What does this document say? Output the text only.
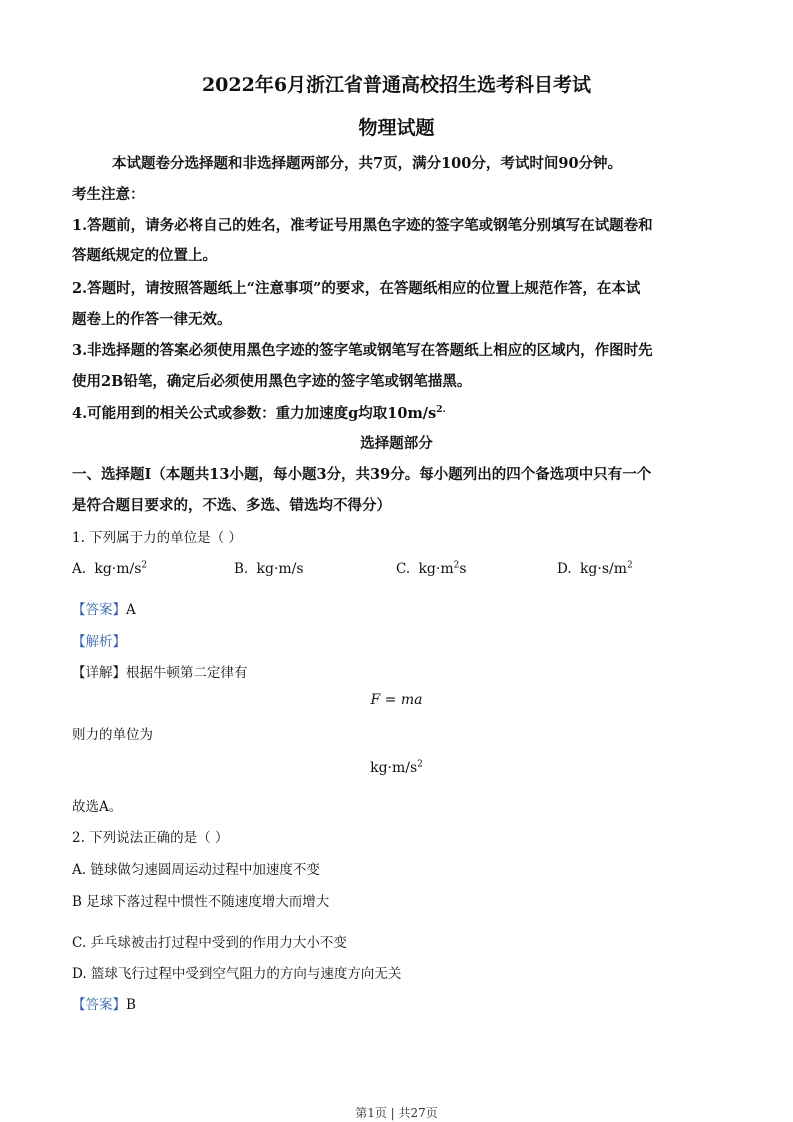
2022年6月浙江省普通高校招生选考科目考试
物理试题
本试题卷分选择题和非选择题两部分，共7页，满分100分，考试时间90分钟。
考生注意：
1.答题前，请务必将自己的姓名，准考证号用黑色字迹的签字笔或钢笔分别填写在试题卷和
答题纸规定的位置上。
2.答题时，请按照答题纸上“注意事项”的要求，在答题纸相应的位置上规范作答，在本试
题卷上的作答一律无效。
3.非选择题的答案必须使用黑色字迹的签字笔或钢笔写在答题纸上相应的区域内，作图时先
使用2B铅笔，确定后必须使用黑色字迹的签字笔或钢笔描黑。
4.可能用到的相关公式或参数：重力加速度g均取$10m/s^{2.}$
选择题部分
一、选择题Ⅰ（本题共13小题，每小题3分，共39分。每小题列出的四个备选项中只有一个
是符合题目要求的，不选、多选、错选均不得分）
1. 下列属于力的单位是（ ）
A. $kg\cdot m/s^2$	B. kg·m/s	C. $kg\cdot m^2s$	D. $kg\cdot s/m^2$
【答案】A
【解析】
【详解】根据牛顿第二定律有
F = ma
则力的单位为
$kg\cdot m/s^2$
故选A。
2. 下列说法正确的是（ ）
A. 链球做匀速圆周运动过程中加速度不变
B 足球下落过程中惯性不随速度增大而增大
C. 乒乓球被击打过程中受到的作用力大小不变
D. 篮球飞行过程中受到空气阻力的方向与速度方向无关
【答案】B
第1页 | 共27页
